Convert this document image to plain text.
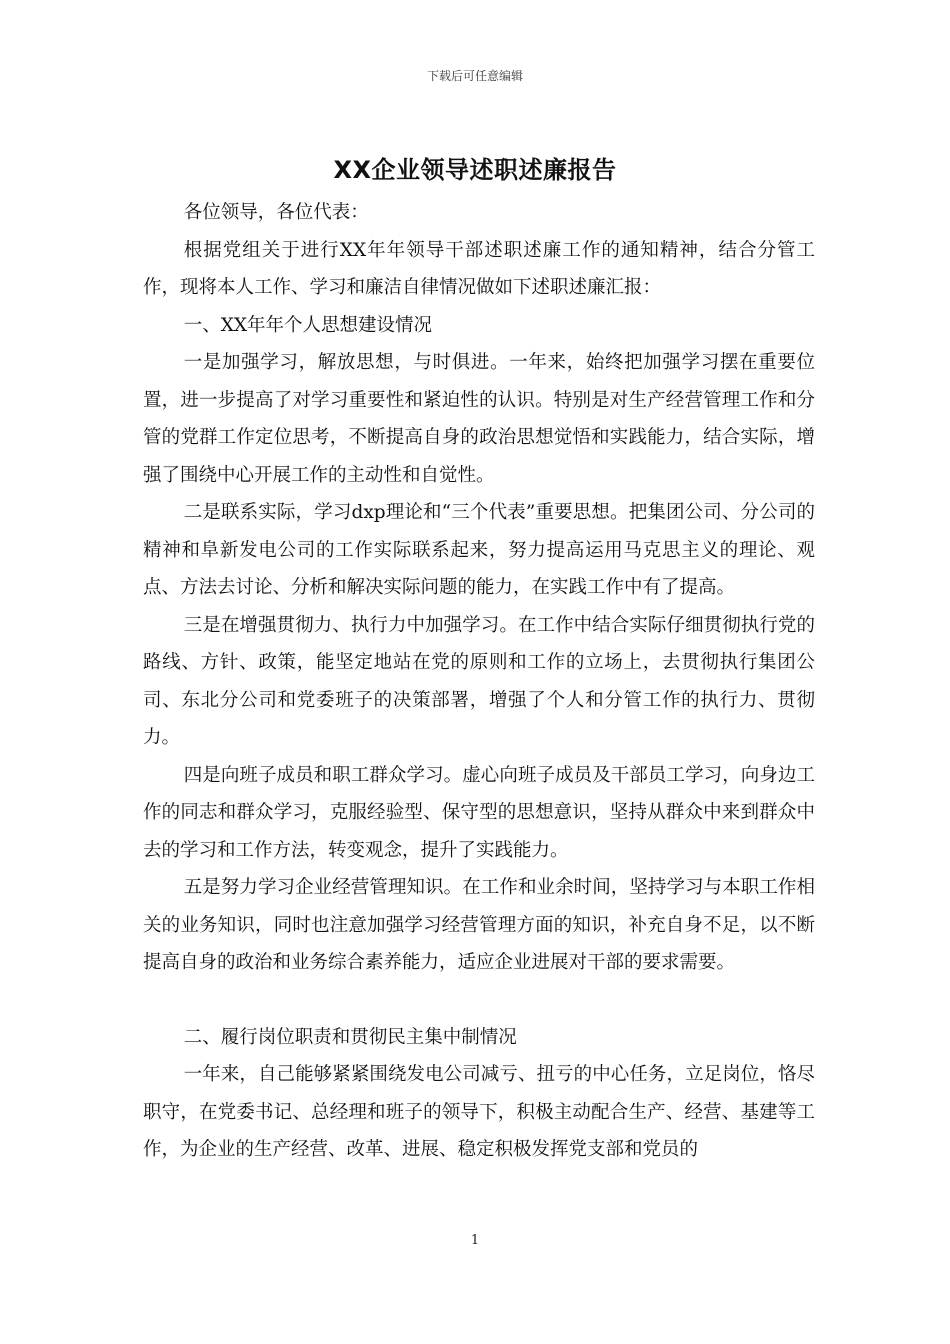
下载后可任意编辑
XX企业领导述职述廉报告

各位领导，各位代表：

根据党组关于进行XX年年领导干部述职述廉工作的通知精神，结合分管工作，现将本人工作、学习和廉洁自律情况做如下述职述廉汇报：

一、XX年年个人思想建设情况

一是加强学习，解放思想，与时俱进。一年来，始终把加强学习摆在重要位置，进一步提高了对学习重要性和紧迫性的认识。特别是对生产经营管理工作和分管的党群工作定位思考，不断提高自身的政治思想觉悟和实践能力，结合实际，增强了围绕中心开展工作的主动性和自觉性。

二是联系实际，学习dxp理论和“三个代表”重要思想。把集团公司、分公司的精神和阜新发电公司的工作实际联系起来，努力提高运用马克思主义的理论、观点、方法去讨论、分析和解决实际问题的能力，在实践工作中有了提高。

三是在增强贯彻力、执行力中加强学习。在工作中结合实际仔细贯彻执行党的路线、方针、政策，能坚定地站在党的原则和工作的立场上，去贯彻执行集团公司、东北分公司和党委班子的决策部署，增强了个人和分管工作的执行力、贯彻力。

四是向班子成员和职工群众学习。虚心向班子成员及干部员工学习，向身边工作的同志和群众学习，克服经验型、保守型的思想意识，坚持从群众中来到群众中去的学习和工作方法，转变观念，提升了实践能力。

五是努力学习企业经营管理知识。在工作和业余时间，坚持学习与本职工作相关的业务知识，同时也注意加强学习经营管理方面的知识，补充自身不足，以不断提高自身的政治和业务综合素养能力，适应企业进展对干部的要求需要。

二、履行岗位职责和贯彻民主集中制情况

一年来，自己能够紧紧围绕发电公司减亏、扭亏的中心任务，立足岗位，恪尽职守，在党委书记、总经理和班子的领导下，积极主动配合生产、经营、基建等工作，为企业的生产经营、改革、进展、稳定积极发挥党支部和党员的

1
